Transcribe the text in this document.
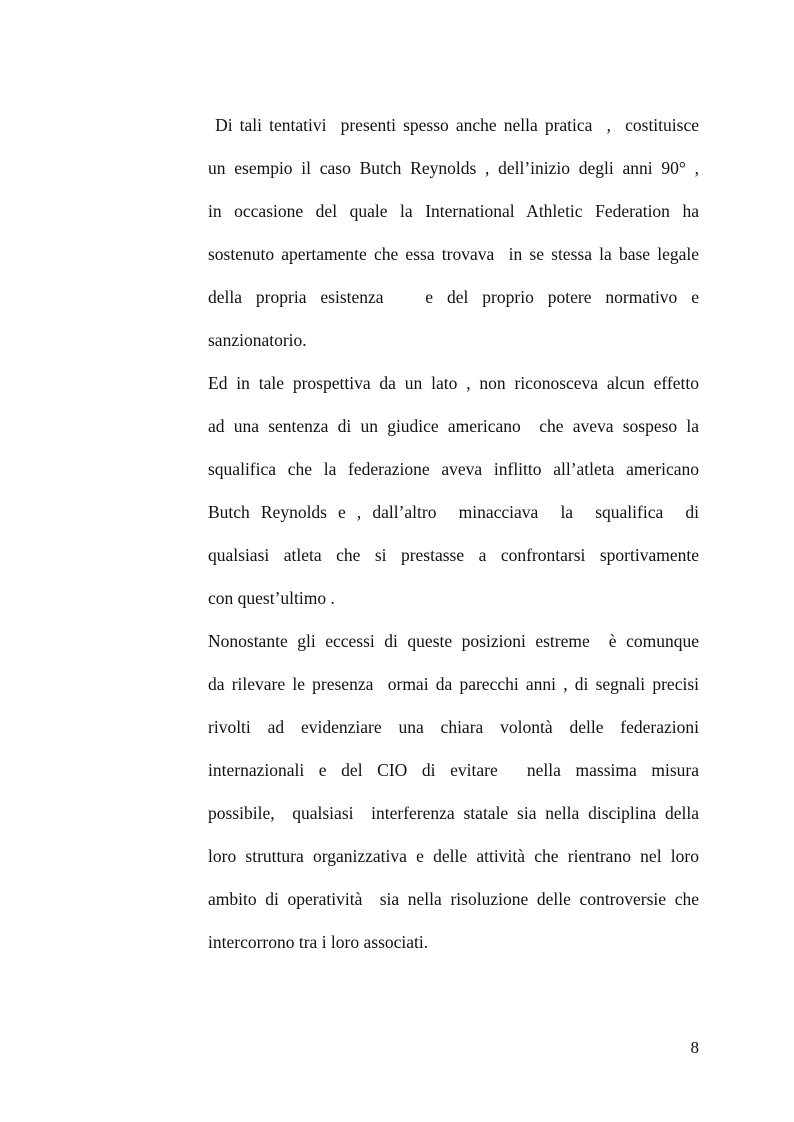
Di tali tentativi  presenti spesso anche nella pratica  ,  costituisce
un esempio il caso Butch Reynolds , dell’inizio degli anni 90° ,
in occasione del quale la International Athletic Federation ha
sostenuto apertamente che essa trovava  in se stessa la base legale
della propria esistenza   e del proprio potere normativo e
sanzionatorio.
Ed in tale prospettiva da un lato , non riconosceva alcun effetto
ad una sentenza di un giudice americano  che aveva sospeso la
squalifica che la federazione aveva inflitto all’atleta americano
Butch Reynolds e , dall’altro  minacciava  la  squalifica  di
qualsiasi atleta che si prestasse a confrontarsi sportivamente
con quest’ultimo .
Nonostante gli eccessi di queste posizioni estreme  è comunque
da rilevare le presenza  ormai da parecchi anni , di segnali precisi
rivolti ad evidenziare una chiara volontà delle federazioni
internazionali e del CIO di evitare  nella massima misura
possibile,  qualsiasi  interferenza statale sia nella disciplina della
loro struttura organizzativa e delle attività che rientrano nel loro
ambito di operatività  sia nella risoluzione delle controversie che
intercorrono tra i loro associati.
8
